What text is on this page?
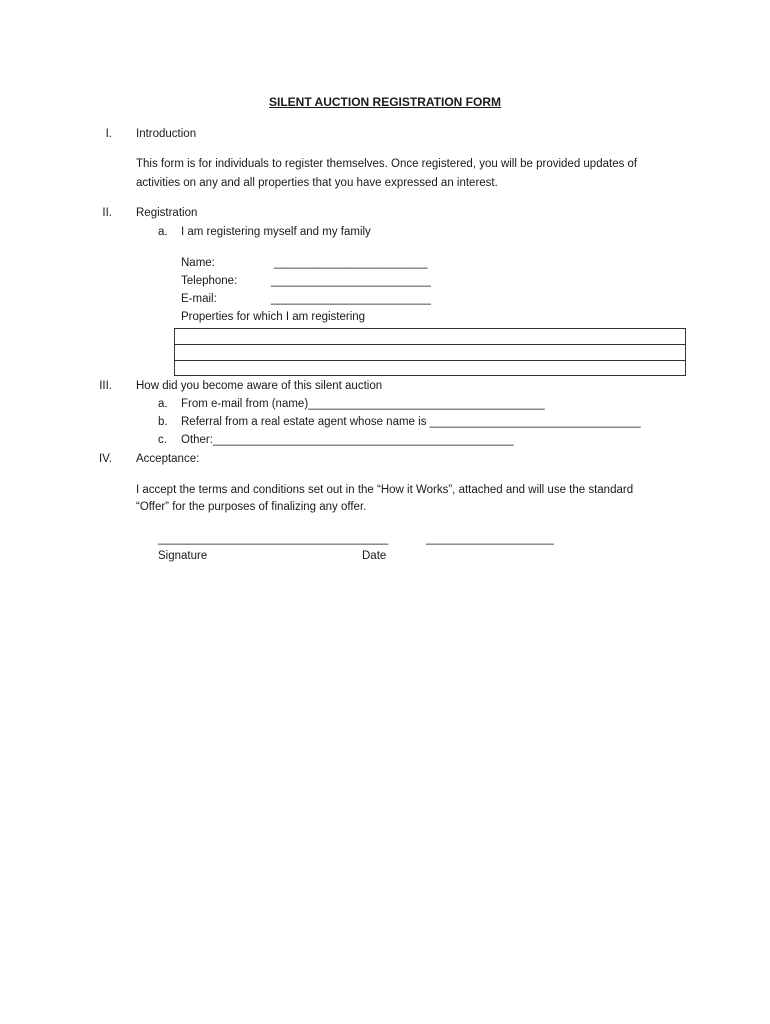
SILENT AUCTION REGISTRATION FORM
I. Introduction
This form is for individuals to register themselves. Once registered, you will be provided updates of
activities on any and all properties that you have expressed an interest.
II. Registration
a. I am registering myself and my family
Name:	________________________
Telephone:	_________________________
E-mail:	_________________________
Properties for which I am registering
III. How did you become aware of this silent auction
a. From e-mail from (name)_____________________________________
b. Referral from a real estate agent whose name is _________________________________
c. Other:_______________________________________________
IV. Acceptance:
I accept the terms and conditions set out in the “How it Works”, attached and will use the standard
“Offer” for the purposes of finalizing any offer.
____________________________________	____________________
Signature	Date
